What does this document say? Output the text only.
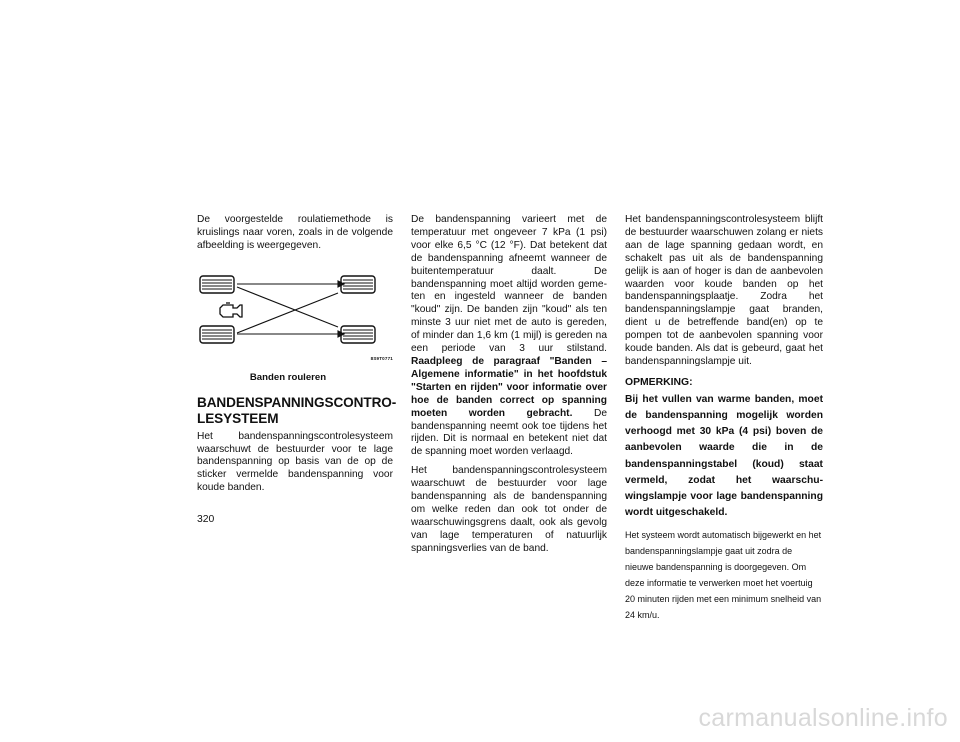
De voorgestelde roulatiemethode is kruislings naar voren, zoals in de volgende afbeelding is weergegeven.

8S9T0771
Banden rouleren
BANDENSPANNINGSCONTROLESYSTEEM

Het bandenspanningscontrolesysteem waarschuwt de bestuurder voor te lage bandenspanning op basis van de op de sticker vermelde bandenspanning voor koude banden.

De bandenspanning varieert met de temperatuur met ongeveer 7 kPa (1 psi) voor elke 6,5 °C (12 °F). Dat betekent dat de bandenspanning afneemt wanneer de buitentemperatuur daalt. De bandenspanning moet altijd worden gemeten en ingesteld wanneer de banden "koud" zijn. De banden zijn "koud" als ten minste 3 uur niet met de auto is gereden, of minder dan 1,6 km (1 mijl) is gereden na een periode van 3 uur stilstand. Raadpleeg de paragraaf "Banden – Algemene informatie" in het hoofdstuk "Starten en rijden" voor informatie over hoe de banden correct op spanning moeten worden gebracht. De bandenspanning neemt ook toe tijdens het rijden. Dit is normaal en betekent niet dat de spanning moet worden verlaagd.

Het bandenspanningscontrolesysteem waarschuwt de bestuurder voor lage bandenspanning als de bandenspanning om welke reden dan ook tot onder de waarschuwingsgrens daalt, ook als gevolg van lage temperaturen of natuurlijk spanningsverlies van de band.

Het bandenspanningscontrolesysteem blijft de bestuurder waarschuwen zolang er niets aan de lage spanning gedaan wordt, en schakelt pas uit als de bandenspanning gelijk is aan of hoger is dan de aanbevolen waarden voor koude banden op het bandenspanningsplaatje. Zodra het bandenspanningslampje gaat branden, dient u de betreffende band(en) op te pompen tot de aanbevolen spanning voor koude banden. Als dat is gebeurd, gaat het bandenspanningslampje uit.

OPMERKING:

Bij het vullen van warme banden, moet de bandenspanning mogelijk worden verhoogd met 30 kPa (4 psi) boven de aanbevolen waarde die in de bandenspanningstabel (koud) staat vermeld, zodat het waarschuwingslampje voor lage bandenspanning wordt uitgeschakeld.

Het systeem wordt automatisch bijgewerkt en het bandenspanningslampje gaat uit zodra de nieuwe bandenspanning is doorgegeven. Om deze informatie te verwerken moet het voertuig 20 minuten rijden met een minimum snelheid van 24 km/u.

320
carmanualsonline.info
